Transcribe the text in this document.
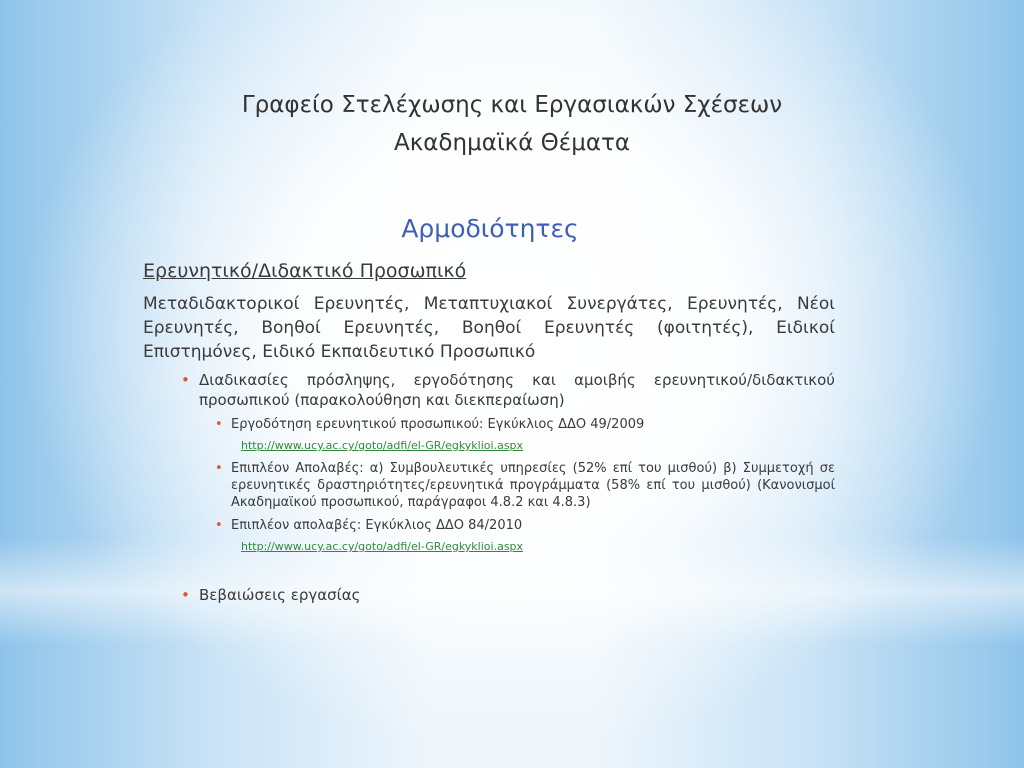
Γραφείο Στελέχωσης και Εργασιακών Σχέσεων
Ακαδημαϊκά Θέματα
Αρμοδιότητες
Ερευνητικό/Διδακτικό Προσωπικό
Μεταδιδακτορικοί Ερευνητές, Μεταπτυχιακοί Συνεργάτες, Ερευνητές, Νέοι Ερευνητές, Βοηθοί Ερευνητές, Βοηθοί Ερευνητές (φοιτητές), Ειδικοί Επιστημόνες, Ειδικό Εκπαιδευτικό Προσωπικό
• Διαδικασίες πρόσληψης, εργοδότησης και αμοιβής ερευνητικού/διδακτικού προσωπικού (παρακολούθηση και διεκπεραίωση)
• Εργοδότηση ερευνητικού προσωπικού: Εγκύκλιος ΔΔΟ 49/2009
http://www.ucy.ac.cy/goto/adfi/el-GR/egkyklioi.aspx
• Επιπλέον Απολαβές: α) Συμβουλευτικές υπηρεσίες (52% επί του μισθού) β) Συμμετοχή σε ερευνητικές δραστηριότητες/ερευνητικά προγράμματα (58% επί του μισθού) (Κανονισμοί Ακαδημαϊκού προσωπικού, παράγραφοι 4.8.2 και 4.8.3)
• Επιπλέον απολαβές: Εγκύκλιος ΔΔΟ 84/2010
http://www.ucy.ac.cy/goto/adfi/el-GR/egkyklioi.aspx
• Βεβαιώσεις εργασίας
